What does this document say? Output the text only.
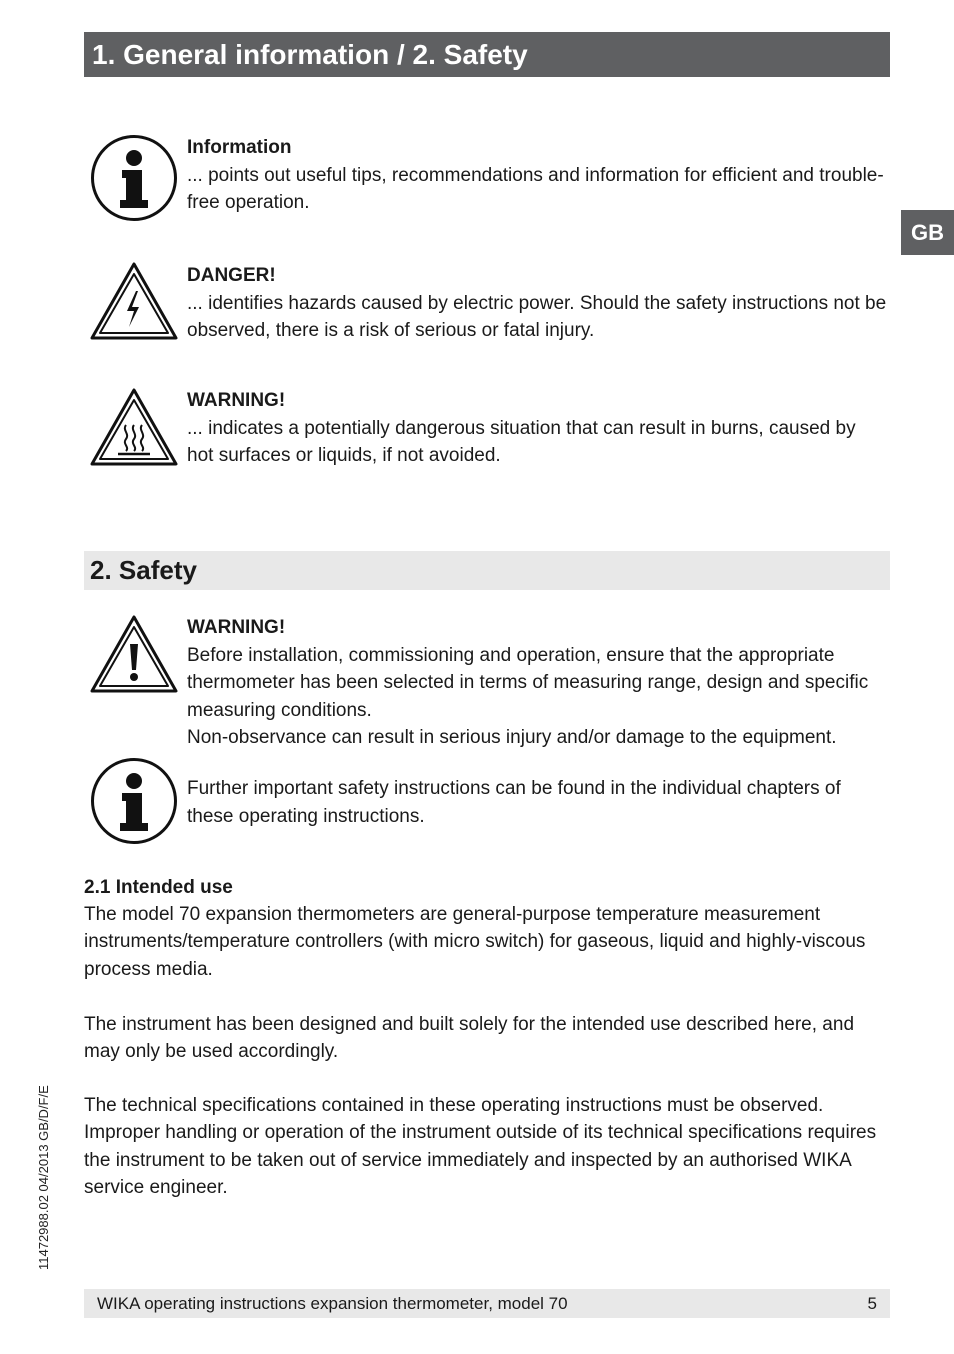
1. General information / 2. Safety
GB
Information

... points out useful tips, recommendations and information for efficient and trouble-free operation.

DANGER!

... identifies hazards caused by electric power. Should the safety instructions not be observed, there is a risk of serious or fatal injury.

WARNING!

... indicates a potentially dangerous situation that can result in burns, caused by hot surfaces or liquids, if not avoided.

2. Safety
WARNING!

Before installation, commissioning and operation, ensure that the appropriate thermometer has been selected in terms of measuring range, design and specific measuring conditions.

Non-observance can result in serious injury and/or damage to the equipment.

Further important safety instructions can be found in the individual chapters of these operating instructions.

2.1 Intended use

The model 70 expansion thermometers are general-purpose temperature measurement instruments/temperature controllers (with micro switch) for gaseous, liquid and highly-viscous process media.

The instrument has been designed and built solely for the intended use described here, and may only be used accordingly.

The technical specifications contained in these operating instructions must be observed. Improper handling or operation of the instrument outside of its technical specifications requires the instrument to be taken out of service immediately and inspected by an authorised WIKA service engineer.

11472988.02 04/2013 GB/D/F/E
WIKA operating instructions expansion thermometer, model 70	5
